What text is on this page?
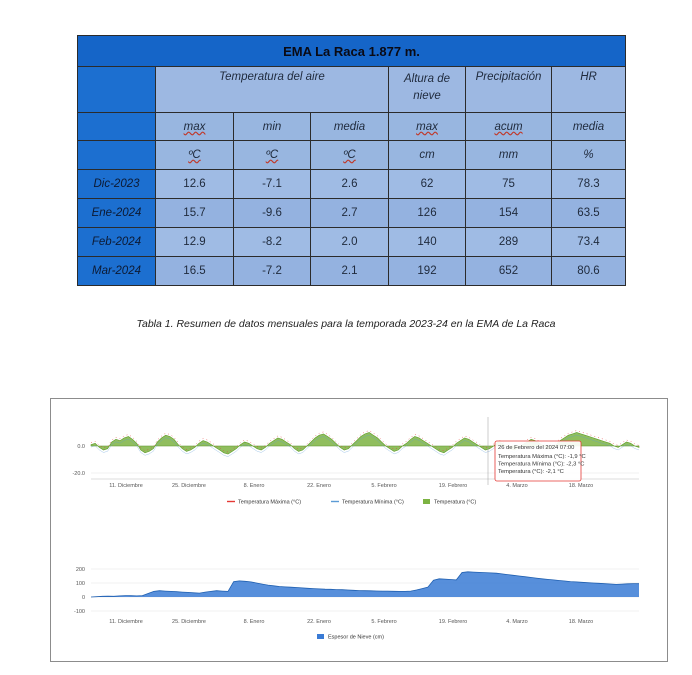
EMA La Raca 1.877 m.						
	Temperatura del aire			Altura de nieve	Precipitación	HR
	max	min	media	max	acum	media
	ºC	ºC	ºC	cm	mm	%
Dic-2023	12.6	-7.1	2.6	62	75	78.3
Ene-2024	15.7	-9.6	2.7	126	154	63.5
Feb-2024	12.9	-8.2	2.0	140	289	73.4
Mar-2024	16.5	-7.2	2.1	192	652	80.6
Tabla 1. Resumen de datos mensuales para la temporada 2023-24 en la EMA de La Raca
0.0
-20.0
11. Diciembre	25. Diciembre	8. Enero	22. Enero	5. Febrero	19. Febrero	4. Marzo	18. Marzo
26 de Febrero del 2024 07:00
Temperatura Máxima (°C): -1,9 °C
Temperatura Mínima (°C): -2,3 °C
Temperatura (°C): -2,1 °C
Temperatura Máxima (°C)	Temperatura Mínima (°C)	Temperatura (°C)
200
100
0
-100
11. Diciembre	25. Diciembre	8. Enero	22. Enero	5. Febrero	19. Febrero	4. Marzo	18. Marzo
Espesor de Nieve (cm)
